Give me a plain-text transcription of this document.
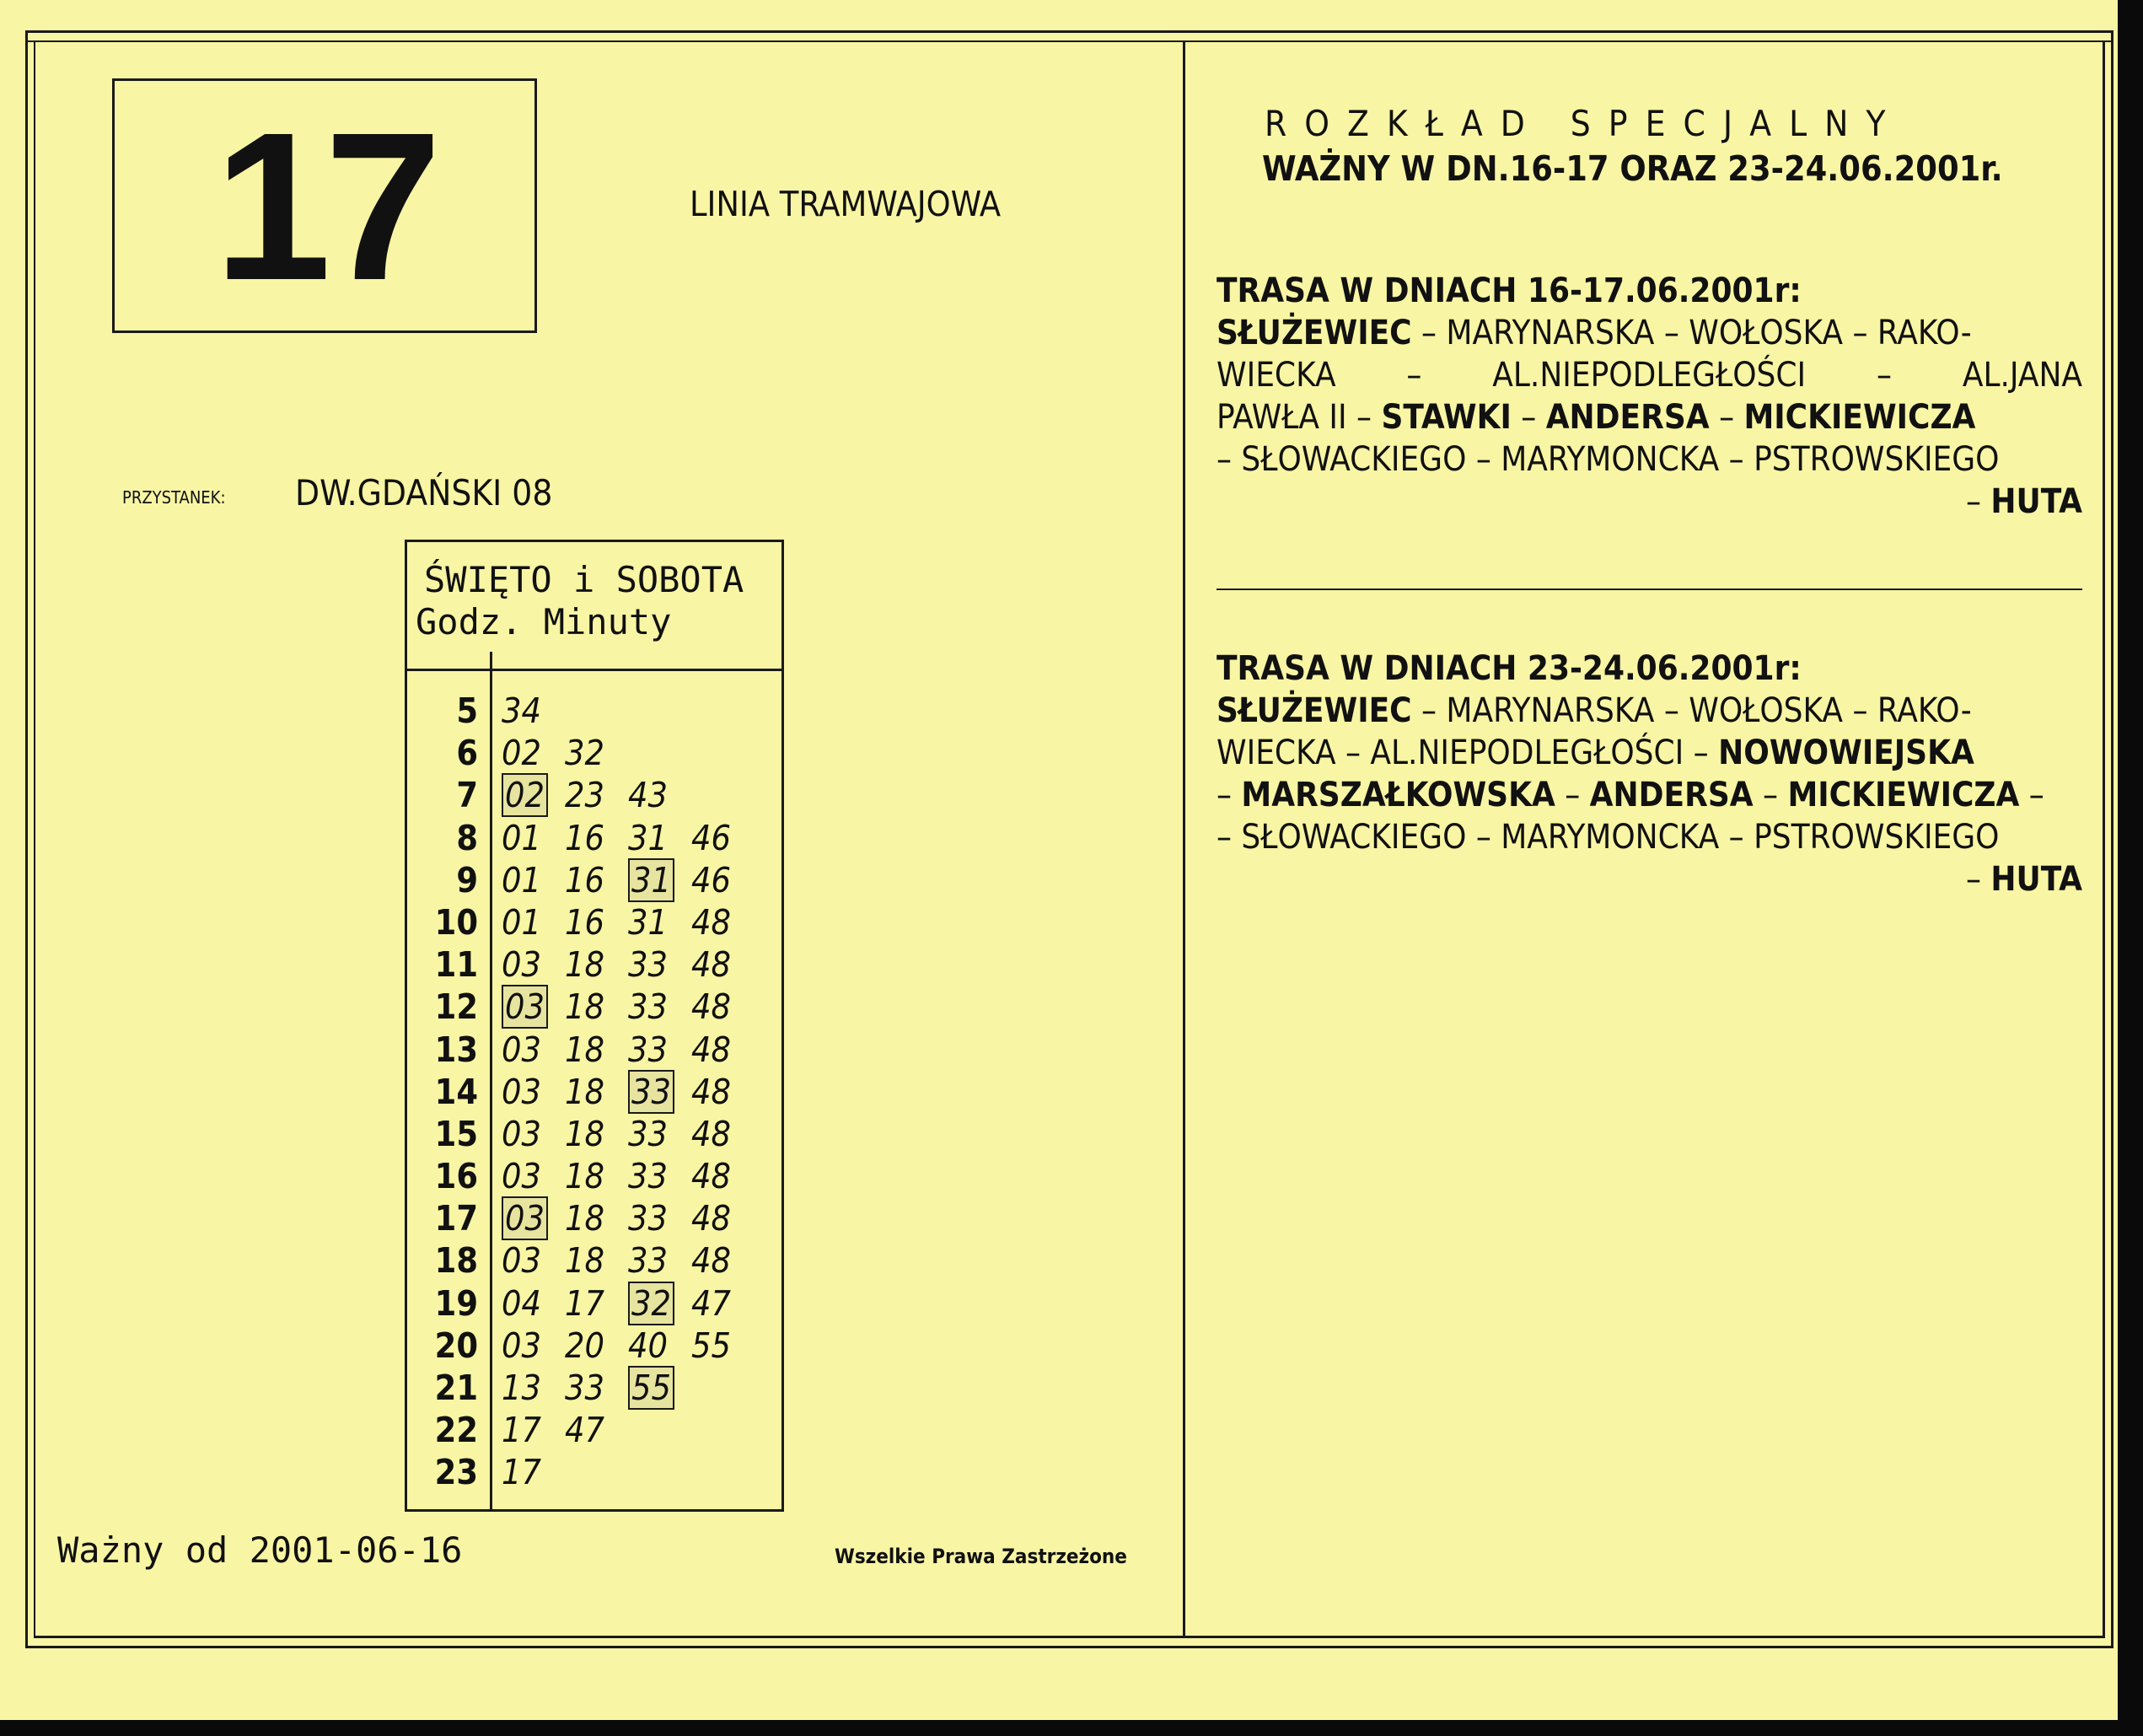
17	LINIA TRAMWAJOWA
PRZYSTANEK: DW.GDAŃSKI 08
ŚWIĘTO i SOBOTA
Godz. Minuty
5 34
6 02 32
7 02 23 43
8 01 16 31 46
9 01 16 31 46
10 01 16 31 48
11 03 18 33 48
12 03 18 33 48
13 03 18 33 48
14 03 18 33 48
15 03 18 33 48
16 03 18 33 48
17 03 18 33 48
18 03 18 33 48
19 04 17 32 47
20 03 20 40 55
21 13 33 55
22 17 47
23 17
Ważny od 2001-06-16	Wszelkie Prawa Zastrzeżone
ROZKŁAD SPECJALNY
WAŻNY W DN.16-17 ORAZ 23-24.06.2001r.
TRASA W DNIACH 16-17.06.2001r:
SŁUŻEWIEC – MARYNARSKA – WOŁOSKA – RAKO-
WIECKA – AL.NIEPODLEGŁOŚCI – AL.JANA
PAWŁA II – STAWKI – ANDERSA – MICKIEWICZA
– SŁOWACKIEGO – MARYMONCKA – PSTROWSKIEGO
– HUTA
TRASA W DNIACH 23-24.06.2001r:
SŁUŻEWIEC – MARYNARSKA – WOŁOSKA – RAKO-
WIECKA – AL.NIEPODLEGŁOŚCI – NOWOWIEJSKA
– MARSZAŁKOWSKA – ANDERSA – MICKIEWICZA –
– SŁOWACKIEGO – MARYMONCKA – PSTROWSKIEGO
– HUTA
